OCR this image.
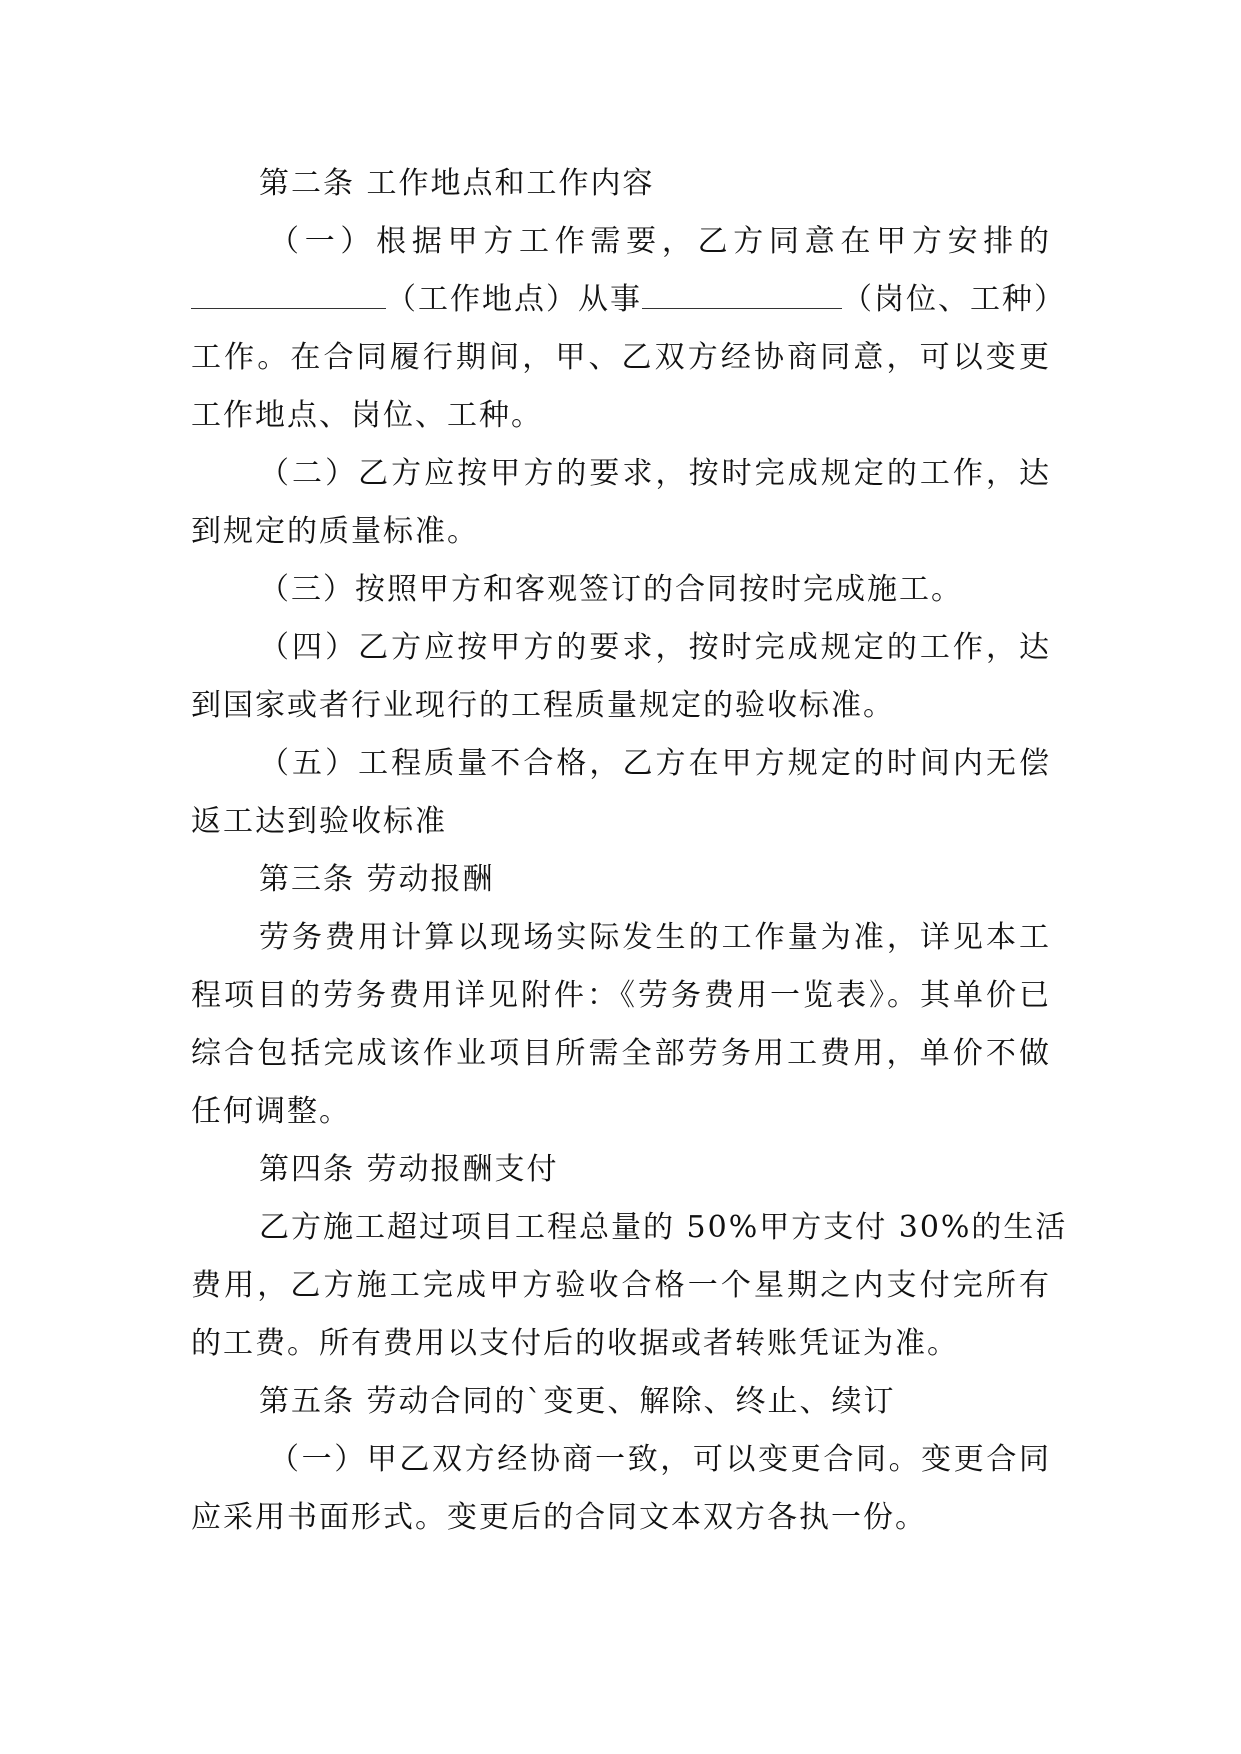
第二条 工作地点和工作内容
（一）根据甲方工作需要，乙方同意在甲方安排的
（工作地点）从事	（岗位、工种）
工作。在合同履行期间，甲、乙双方经协商同意，可以变更
工作地点、岗位、工种。
（二）乙方应按甲方的要求，按时完成规定的工作，达
到规定的质量标准。
（三）按照甲方和客观签订的合同按时完成施工。
（四）乙方应按甲方的要求，按时完成规定的工作，达
到国家或者行业现行的工程质量规定的验收标准。
（五）工程质量不合格，乙方在甲方规定的时间内无偿
返工达到验收标准
第三条 劳动报酬
劳务费用计算以现场实际发生的工作量为准，详见本工
程项目的劳务费用详见附件：《劳务费用一览表》。其单价已
综合包括完成该作业项目所需全部劳务用工费用，单价不做
任何调整。
第四条 劳动报酬支付
乙方施工超过项目工程总量的 50%甲方支付 30%的生活
费用，乙方施工完成甲方验收合格一个星期之内支付完所有
的工费。所有费用以支付后的收据或者转账凭证为准。
第五条 劳动合同的`变更、解除、终止、续订
（一）甲乙双方经协商一致，可以变更合同。变更合同
应采用书面形式。变更后的合同文本双方各执一份。
